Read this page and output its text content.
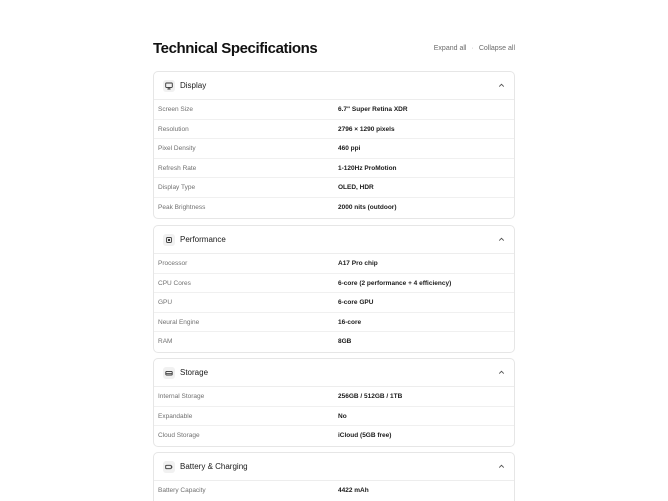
Technical Specifications	Expand all · Collapse all
Display
Screen Size	6.7" Super Retina XDR
Resolution	2796 × 1290 pixels
Pixel Density	460 ppi
Refresh Rate	1-120Hz ProMotion
Display Type	OLED, HDR
Peak Brightness	2000 nits (outdoor)
Performance
Processor	A17 Pro chip
CPU Cores	6-core (2 performance + 4 efficiency)
GPU	6-core GPU
Neural Engine	16-core
RAM	8GB
Storage
Internal Storage	256GB / 512GB / 1TB
Expandable	No
Cloud Storage	iCloud (5GB free)
Battery & Charging
Battery Capacity	4422 mAh
